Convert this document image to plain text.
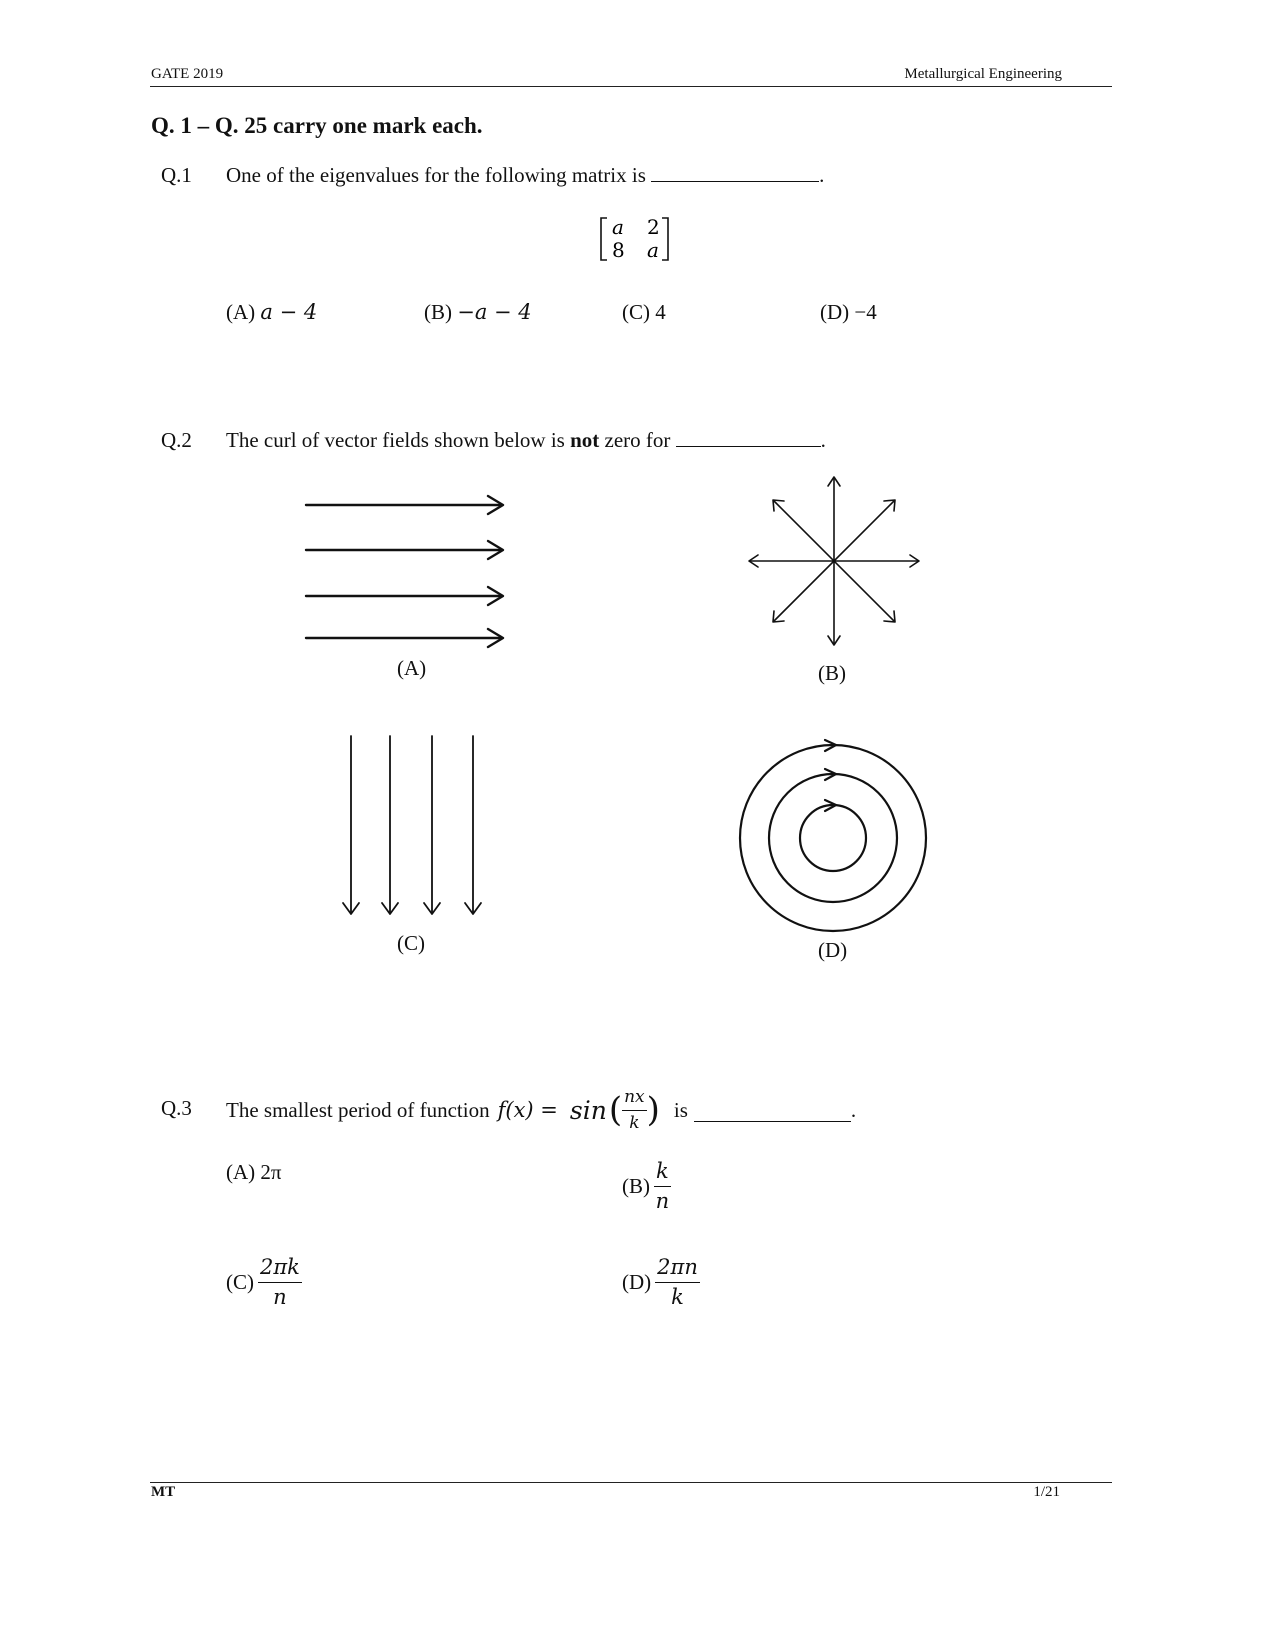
GATE 2019	Metallurgical Engineering
Q. 1 – Q. 25 carry one mark each.
Q.1 One of the eigenvalues for the following matrix is	.
a 2
8 a
(A) a − 4	(B) −a − 4	(C) 4	(D) −4
Q.2 The curl of vector fields shown below is not zero for	.
(A)	(B)
(C)	(D)
Q.3 The smallest period of function f(x) = sin ( $\frac{nx}{k}$ ) is	.
(A) 2π
$(B) \frac{k}{n}$
$(C) \frac{2\pi k}{n}$	$(D) \frac{2\pi n}{k}$
MT	1/21
